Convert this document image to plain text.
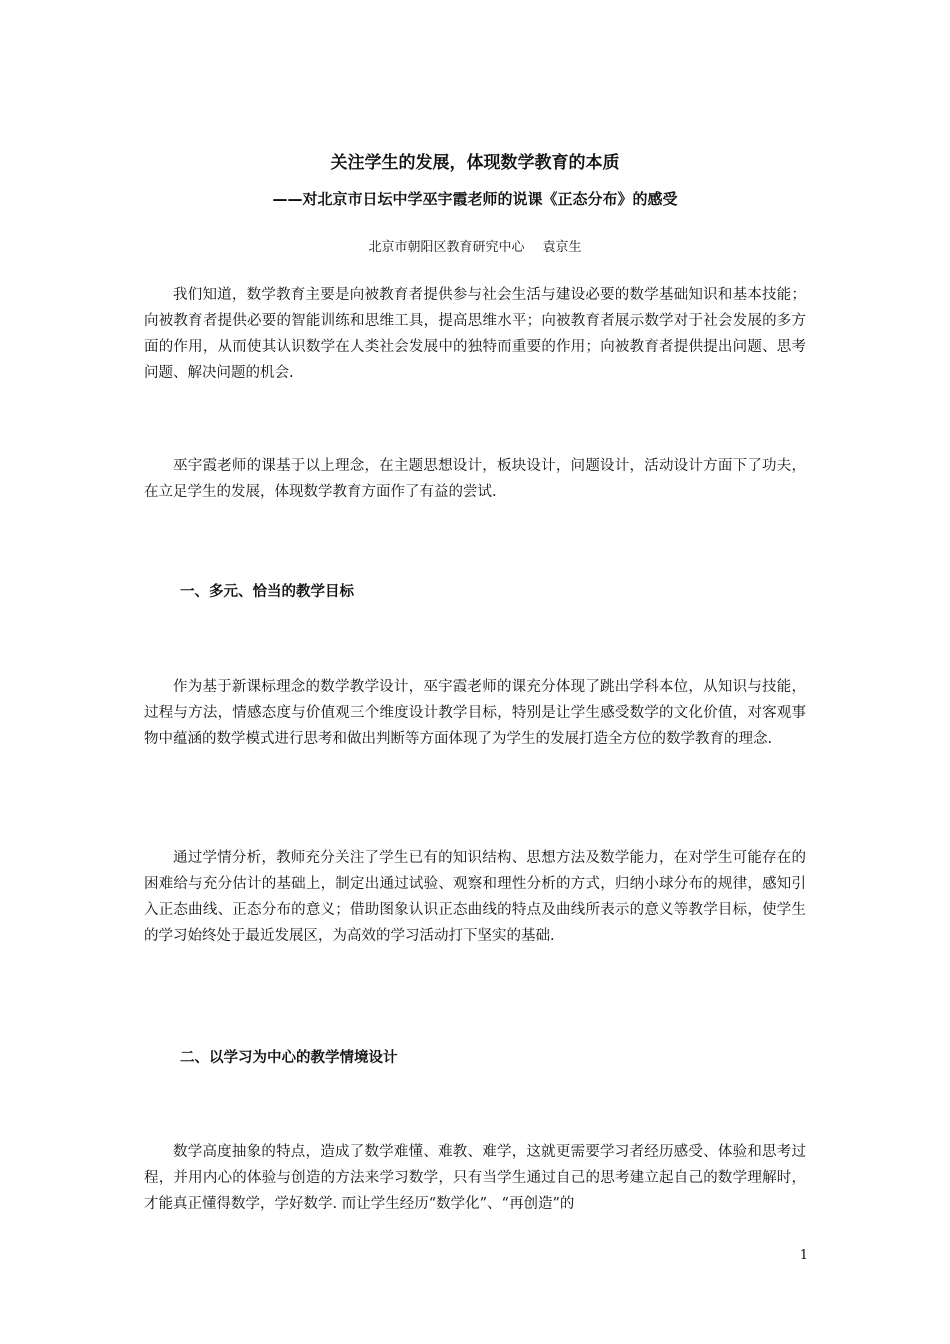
关注学生的发展，体现数学教育的本质
——对北京市日坛中学巫宇霞老师的说课《正态分布》的感受
北京市朝阳区教育研究中心 袁京生

我们知道，数学教育主要是向被教育者提供参与社会生活与建设必要的数学基础知识和基本技能；向被教育者提供必要的智能训练和思维工具，提高思维水平；向被教育者展示数学对于社会发展的多方面的作用，从而使其认识数学在人类社会发展中的独特而重要的作用；向被教育者提供提出问题、思考问题、解决问题的机会.

巫宇霞老师的课基于以上理念，在主题思想设计，板块设计，问题设计，活动设计方面下了功夫，在立足学生的发展，体现数学教育方面作了有益的尝试.

一、多元、恰当的教学目标

作为基于新课标理念的数学教学设计，巫宇霞老师的课充分体现了跳出学科本位，从知识与技能，过程与方法，情感态度与价值观三个维度设计教学目标，特别是让学生感受数学的文化价值，对客观事物中蕴涵的数学模式进行思考和做出判断等方面体现了为学生的发展打造全方位的数学教育的理念.

通过学情分析，教师充分关注了学生已有的知识结构、思想方法及数学能力，在对学生可能存在的困难给与充分估计的基础上，制定出通过试验、观察和理性分析的方式，归纳小球分布的规律，感知引入正态曲线、正态分布的意义；借助图象认识正态曲线的特点及曲线所表示的意义等教学目标，使学生的学习始终处于最近发展区，为高效的学习活动打下坚实的基础.

二、以学习为中心的教学情境设计

数学高度抽象的特点，造成了数学难懂、难教、难学，这就更需要学习者经历感受、体验和思考过程，并用内心的体验与创造的方法来学习数学，只有当学生通过自己的思考建立起自己的数学理解时，才能真正懂得数学，学好数学. 而让学生经历“数学化”、“再创造”的

1
